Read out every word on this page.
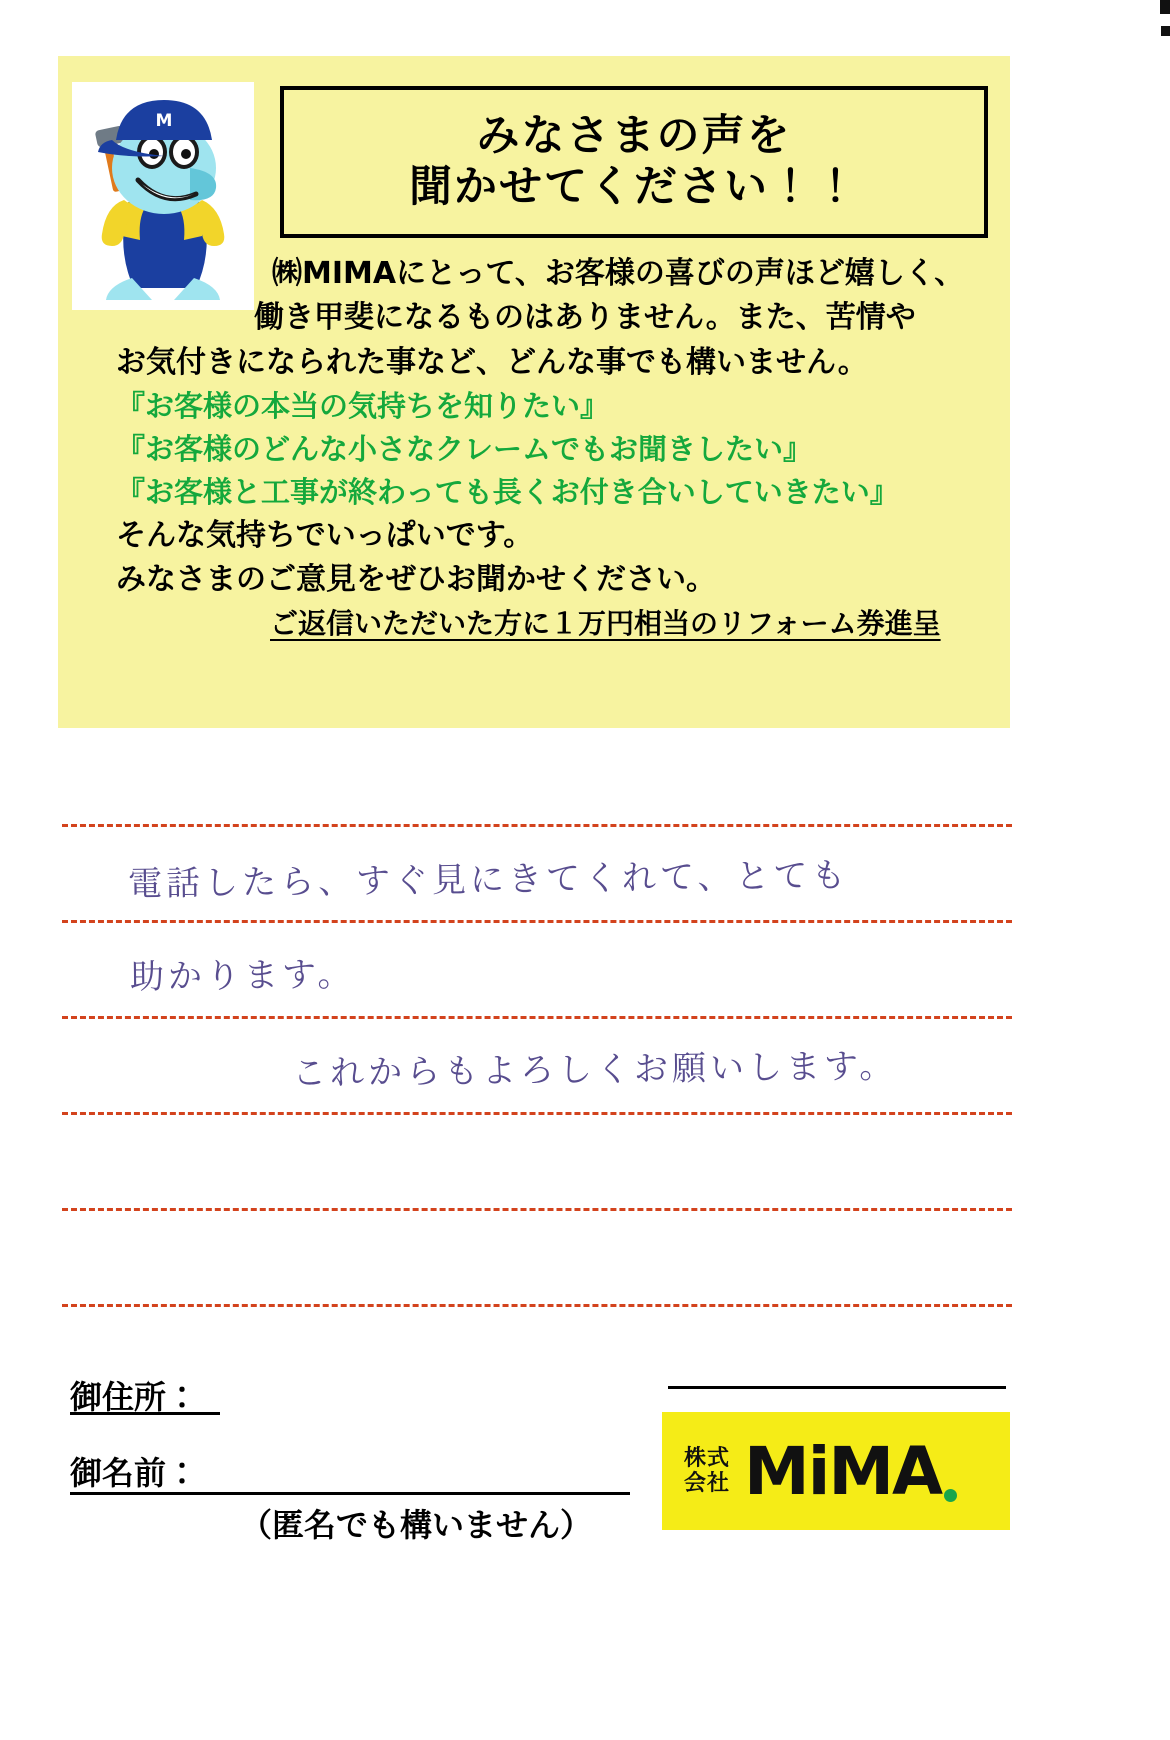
M	みなさまの声を
聞かせてください！！
㈱MIMAにとって、お客様の喜びの声ほど嬉しく、
働き甲斐になるものはありません。また、苦情や
お気付きになられた事など、どんな事でも構いません。
『お客様の本当の気持ちを知りたい』
『お客様のどんな小さなクレームでもお聞きしたい』
『お客様と工事が終わっても長くお付き合いしていきたい』
そんな気持ちでいっぱいです。
みなさまのご意見をぜひお聞かせください。
ご返信いただいた方に１万円相当のリフォーム券進呈
電話したら、すぐ見にきてくれて、とても
助かります。
これからもよろしくお願いします。
御住所：
御名前：
（匿名でも構いません）
株式
会社 MiMA
